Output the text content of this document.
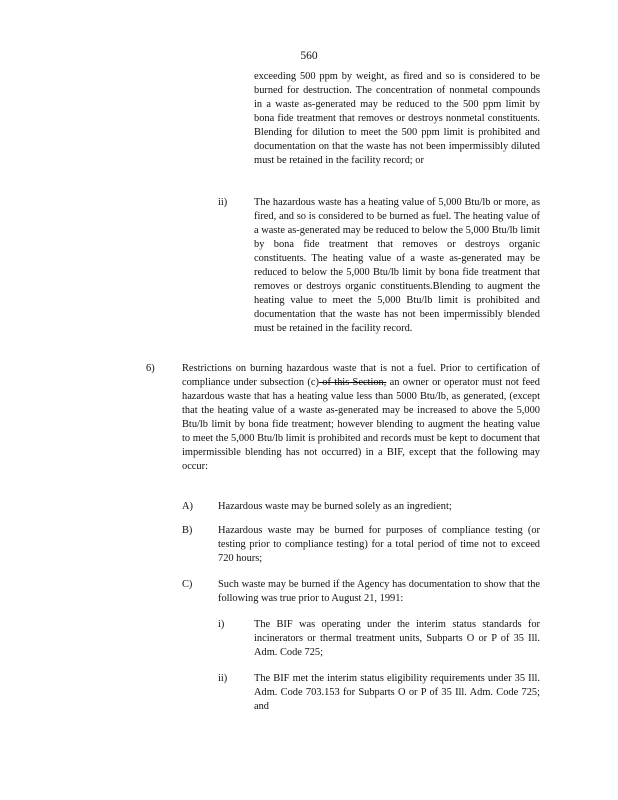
560
exceeding 500 ppm by weight, as fired and so is considered to be burned for destruction. The concentration of nonmetal compounds in a waste as-generated may be reduced to the 500 ppm limit by bona fide treatment that removes or destroys nonmetal constituents. Blending for dilution to meet the 500 ppm limit is prohibited and documentation on that the waste has not been impermissibly diluted must be retained in the facility record; or
ii)	The hazardous waste has a heating value of 5,000 Btu/lb or more, as fired, and so is considered to be burned as fuel. The heating value of a waste as-generated may be reduced to below the 5,000 Btu/lb limit by bona fide treatment that removes or destroys organic constituents. The heating value of a waste as-generated may be reduced to below the 5,000 Btu/lb limit by bona fide treatment that removes or destroys organic constituents.Blending to augment the heating value to meet the 5,000 Btu/lb limit is prohibited and documentation that the waste has not been impermissibly blended must be retained in the facility record.
6)	Restrictions on burning hazardous waste that is not a fuel. Prior to certification of compliance under subsection (c) of this Section, an owner or operator must not feed hazardous waste that has a heating value less than 5000 Btu/lb, as generated, (except that the heating value of a waste as-generated may be increased to above the 5,000 Btu/lb limit by bona fide treatment; however blending to augment the heating value to meet the 5,000 Btu/lb limit is prohibited and records must be kept to document that impermissible blending has not occurred) in a BIF, except that the following may occur:
A) Hazardous waste may be burned solely as an ingredient;
B) Hazardous waste may be burned for purposes of compliance testing (or testing prior to compliance testing) for a total period of time not to exceed 720 hours;
C) Such waste may be burned if the Agency has documentation to show that the following was true prior to August 21, 1991:
i)	The BIF was operating under the interim status standards for incinerators or thermal treatment units, Subparts O or P of 35 Ill. Adm. Code 725;
ii)	The BIF met the interim status eligibility requirements under 35 Ill. Adm. Code 703.153 for Subparts O or P of 35 Ill. Adm. Code 725; and
